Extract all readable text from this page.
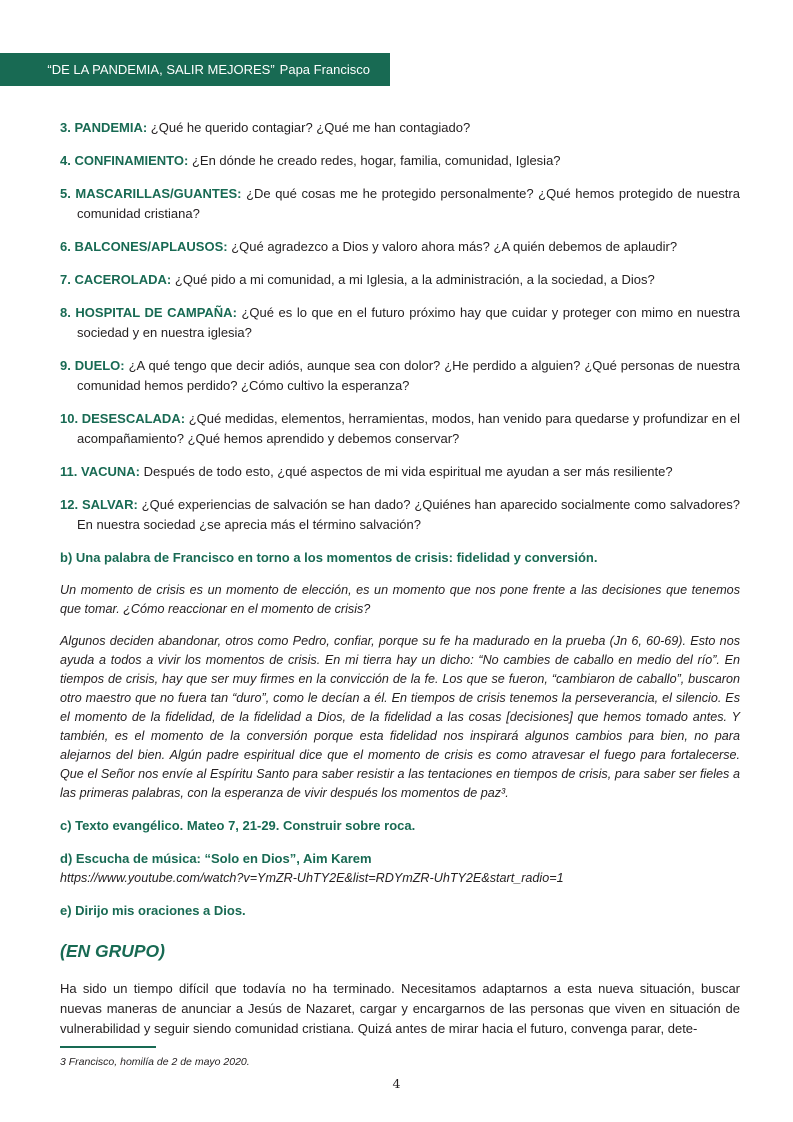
“DE LA PANDEMIA, SALIR MEJORES” Papa Francisco

3. PANDEMIA: ¿Qué he querido contagiar? ¿Qué me han contagiado?

4. CONFINAMIENTO: ¿En dónde he creado redes, hogar, familia, comunidad, Iglesia?

5. MASCARILLAS/GUANTES: ¿De qué cosas me he protegido personalmente? ¿Qué hemos protegido de nuestra comunidad cristiana?

6. BALCONES/APLAUSOS: ¿Qué agradezco a Dios y valoro ahora más? ¿A quién debemos de aplaudir?

7. CACEROLADA: ¿Qué pido a mi comunidad, a mi Iglesia, a la administración, a la sociedad, a Dios?

8. HOSPITAL DE CAMPAÑA: ¿Qué es lo que en el futuro próximo hay que cuidar y proteger con mimo en nuestra sociedad y en nuestra iglesia?

9. DUELO: ¿A qué tengo que decir adiós, aunque sea con dolor? ¿He perdido a alguien? ¿Qué personas de nuestra comunidad hemos perdido? ¿Cómo cultivo la esperanza?

10. DESESCALADA: ¿Qué medidas, elementos, herramientas, modos, han venido para quedarse y profundizar en el acompañamiento? ¿Qué hemos aprendido y debemos conservar?

11. VACUNA: Después de todo esto, ¿qué aspectos de mi vida espiritual me ayudan a ser más resiliente?

12. SALVAR: ¿Qué experiencias de salvación se han dado? ¿Quiénes han aparecido socialmente como salvadores? En nuestra sociedad ¿se aprecia más el término salvación?

b) Una palabra de Francisco en torno a los momentos de crisis: fidelidad y conversión.

Un momento de crisis es un momento de elección, es un momento que nos pone frente a las decisiones que tenemos que tomar. ¿Cómo reaccionar en el momento de crisis?

Algunos deciden abandonar, otros como Pedro, confiar, porque su fe ha madurado en la prueba (Jn 6, 60-69). Esto nos ayuda a todos a vivir los momentos de crisis. En mi tierra hay un dicho: “No cambies de caballo en medio del río”. En tiempos de crisis, hay que ser muy firmes en la convicción de la fe. Los que se fueron, “cambiaron de caballo”, buscaron otro maestro que no fuera tan “duro”, como le decían a él. En tiempos de crisis tenemos la perseverancia, el silencio. Es el momento de la fidelidad, de la fidelidad a Dios, de la fidelidad a las cosas [decisiones] que hemos tomado antes. Y también, es el momento de la conversión porque esta fidelidad nos inspirará algunos cambios para bien, no para alejarnos del bien. Algún padre espiritual dice que el momento de crisis es como atravesar el fuego para fortalecerse. Que el Señor nos envíe al Espíritu Santo para saber resistir a las tentaciones en tiempos de crisis, para saber ser fieles a las primeras palabras, con la esperanza de vivir después los momentos de paz³.

c) Texto evangélico. Mateo 7, 21-29. Construir sobre roca.

d) Escucha de música: “Solo en Dios”, Aim Karem

https://www.youtube.com/watch?v=YmZR-UhTY2E&list=RDYmZR-UhTY2E&start_radio=1

e) Dirijo mis oraciones a Dios.

(EN GRUPO)

Ha sido un tiempo difícil que todavía no ha terminado. Necesitamos adaptarnos a esta nueva situación, buscar nuevas maneras de anunciar a Jesús de Nazaret, cargar y encargarnos de las personas que viven en situación de vulnerabilidad y seguir siendo comunidad cristiana. Quizá antes de mirar hacia el futuro, convenga parar, dete-

3 Francisco, homilía de 2 de mayo 2020.
4
